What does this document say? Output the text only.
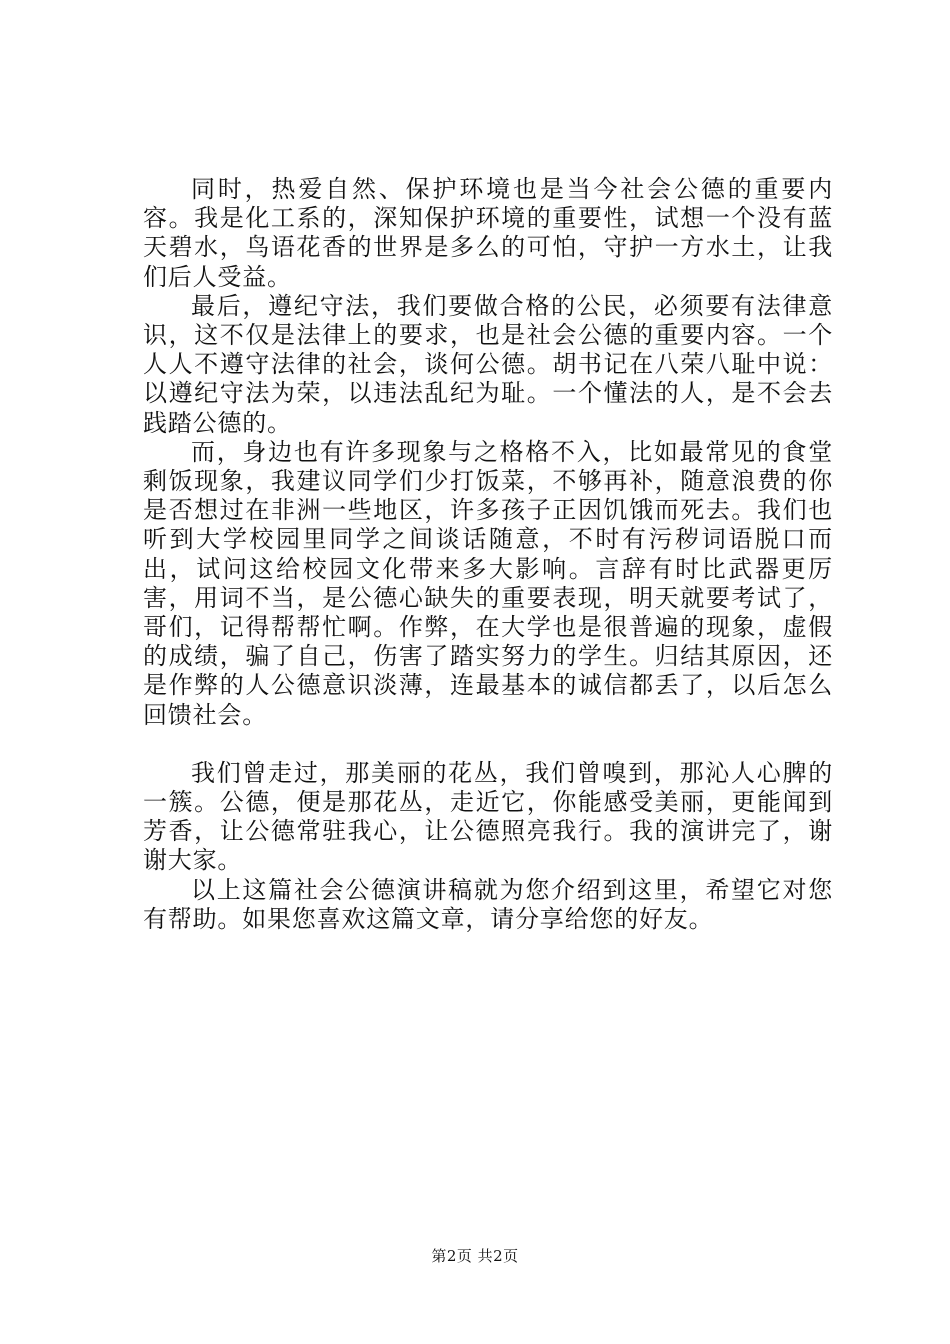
同时，热爱自然、保护环境也是当今社会公德的重要内容。我是化工系的，深知保护环境的重要性，试想一个没有蓝天碧水，鸟语花香的世界是多么的可怕，守护一方水土，让我们后人受益。

最后，遵纪守法，我们要做合格的公民，必须要有法律意识，这不仅是法律上的要求，也是社会公德的重要内容。一个人人不遵守法律的社会，谈何公德。胡书记在八荣八耻中说：以遵纪守法为荣，以违法乱纪为耻。一个懂法的人，是不会去践踏公德的。

而，身边也有许多现象与之格格不入，比如最常见的食堂剩饭现象，我建议同学们少打饭菜，不够再补，随意浪费的你是否想过在非洲一些地区，许多孩子正因饥饿而死去。我们也听到大学校园里同学之间谈话随意，不时有污秽词语脱口而出，试问这给校园文化带来多大影响。言辞有时比武器更厉害，用词不当，是公德心缺失的重要表现，明天就要考试了，哥们，记得帮帮忙啊。作弊，在大学也是很普遍的现象，虚假的成绩，骗了自己，伤害了踏实努力的学生。归结其原因，还是作弊的人公德意识淡薄，连最基本的诚信都丢了，以后怎么回馈社会。

我们曾走过，那美丽的花丛，我们曾嗅到，那沁人心脾的一簇。公德，便是那花丛，走近它，你能感受美丽，更能闻到芳香，让公德常驻我心，让公德照亮我行。我的演讲完了，谢谢大家。

以上这篇社会公德演讲稿就为您介绍到这里，希望它对您有帮助。如果您喜欢这篇文章，请分享给您的好友。

第2页 共2页
